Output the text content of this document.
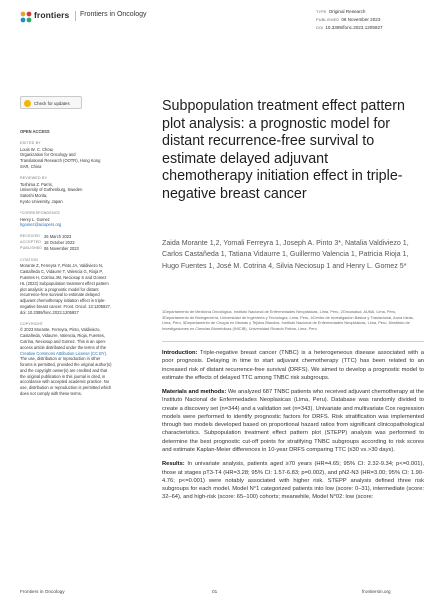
frontiers Frontiers in Oncology	TYPE Original Research
PUBLISHED 06 November 2023
DOI 10.3389/fonc.2023.1205927
Check for updates

OPEN ACCESS

EDITED BY

Louis W. C. Chow,

Organization for Oncology and

Translational Research (OOTR), Hong Kong

SAR, China

REVIEWED BY

Toshima Z. Parris,

University of Gothenburg, Sweden

Satoshi Morita,

Kyoto University, Japan

*CORRESPONDENCE

Henry L. Gomez

hgomez@aciopers.org

RECEIVED 26 March 2023
ACCEPTED 18 October 2023
PUBLISHED 06 November 2023

CITATION

Morante Z, Ferreyra Y, Pinto JA, Valdiviezo N, Castañeda C, Vidaurre T, Valencia G, Rioja P, Fuentes H, Cotrina JM, Neciosup S and Gomez HL (2023) Subpopulation treatment effect pattern plot analysis: a prognostic model for distant recurrence-free survival to estimate delayed adjuvant chemotherapy initiation effect in triple-negative breast cancer. Front. Oncol. 13:1205927. doi: 10.3389/fonc.2023.1205927

COPYRIGHT

© 2023 Morante, Ferreyra, Pinto, Valdiviezo, Castañeda, Vidaurre, Valencia, Rioja, Fuentes, Cotrina, Neciosup and Gomez. This is an open-access article distributed under the terms of the Creative Commons Attribution License (CC BY). The use, distribution or reproduction in other forums is permitted, provided the original author(s) and the copyright owner(s) are credited and that the original publication in this journal is cited, in accordance with accepted academic practice. No use, distribution or reproduction is permitted which does not comply with these terms.

Subpopulation treatment effect pattern plot analysis: a prognostic model for distant recurrence-free survival to estimate delayed adjuvant chemotherapy initiation effect in triple-negative breast cancer
Zaida Morante 1,2, Yomali Ferreyra 1, Joseph A. Pinto 3*, Natalia Valdiviezo 1, Carlos Castañeda 1, Tatiana Vidaurre 1, Guillermo Valencia 1, Patricia Rioja 1, Hugo Fuentes 1, José M. Cotrina 4, Silvia Neciosup 1 and Henry L. Gomez 5*
1Departamento de Medicina Oncológica, Instituto Nacional de Enfermedades Neoplásicas, Lima, Peru, 2Oncosalud, AUNA, Lima, Peru, 3Departamento de Bioingeniería, Universidad de Ingeniería y Tecnología, Lima, Peru, 4Centro de Investigación Básica y Traslacional, Auna Ideas, Lima, Peru, 5Departamento de Cirugía en Mamas y Tejidos Blandos, Instituto Nacional de Enfermedades Neoplásicas, Lima, Peru, 6Instituto de Investigaciones en Ciencias Biomédicas (INICIB), Universidad Ricardo Palma, Lima, Peru

Introduction: Triple-negative breast cancer (TNBC) is a heterogeneous disease associated with a poor prognosis. Delaying in time to start adjuvant chemotherapy (TTC) has been related to an increased risk of distant recurrence-free survival (DRFS). We aimed to develop a prognostic model to estimate the effects of delayed TTC among TNBC risk subgroups.

Materials and methods: We analyzed 687 TNBC patients who received adjuvant chemotherapy at the Instituto Nacional de Enfermedades Neoplasicas (Lima, Peru). Database was randomly divided to create a discovery set (n=344) and a validation set (n=343). Univariate and multivariate Cox regression models were performed to identify prognostic factors for DRFS. Risk stratification was implemented through two models developed based on proportional hazard ratios from significant clinicopathological characteristics. Subpopulation treatment effect pattern plot (STEPP) analysis was performed to determine the best prognostic cut-off points for stratifying TNBC subgroups according to risk scores and estimate Kaplan-Meier differences in 10-year DRFS comparing TTC (≤30 vs.>30 days).

Results: In univariate analysis, patients aged ≥70 years (HR=4.65; 95% CI: 2.32-9.34; p<=0.001), those at stages pT3-T4 (HR=3.28; 95% CI: 1.57-6.83; p=0.002), and pN2-N3 (HR=3.00; 95% CI: 1.90-4.76; p<=0.001) were notably associated with higher risk. STEPP analysis defined three risk subgroups for each model. Model N°1 categorized patients into low (score: 0–31), intermediate (score: 32–64), and high-risk (score: 65–100) cohorts; meanwhile, Model N°02: low (score:

Frontiers in Oncology	01	frontiersin.org
